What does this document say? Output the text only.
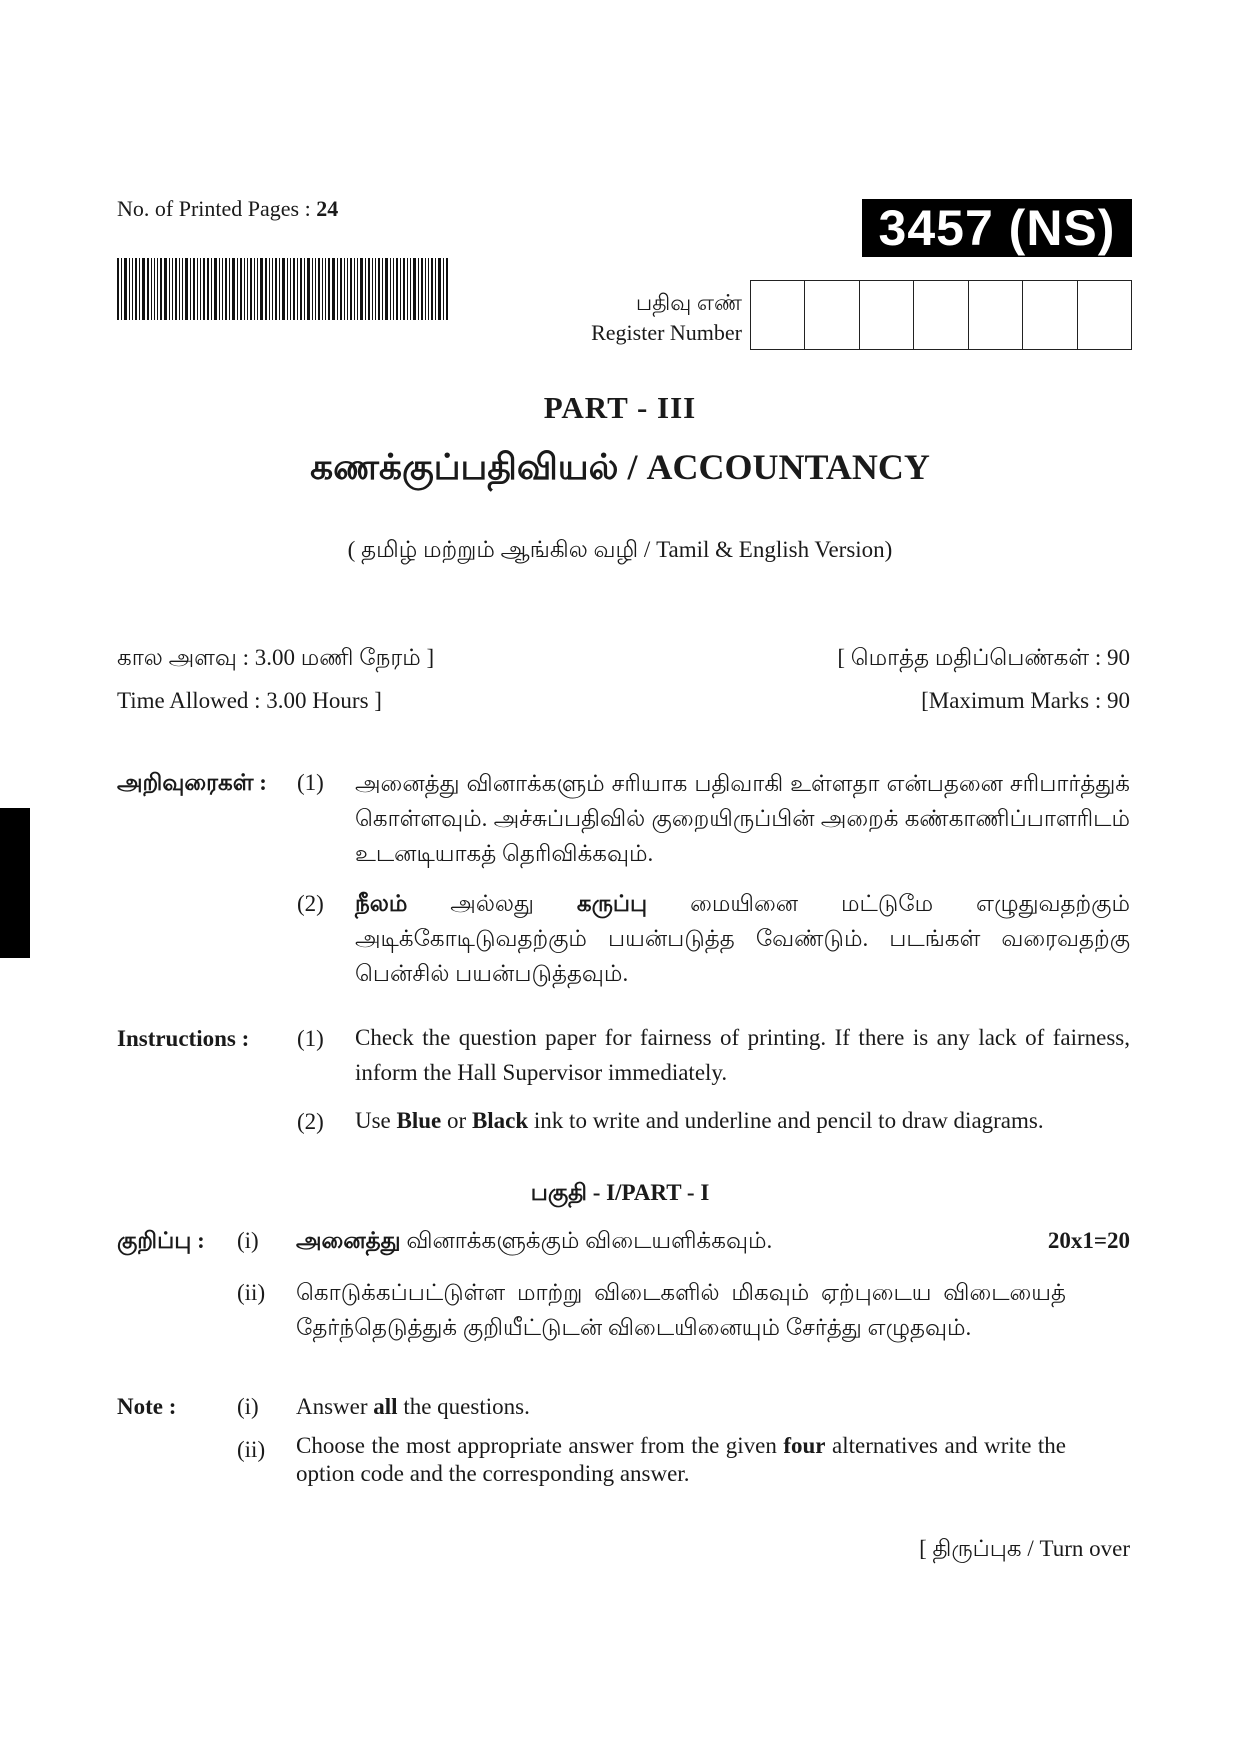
No. of Printed Pages : 24	3457 (NS)
பதிவு எண்
Register Number
PART - III
கணக்குப்பதிவியல் / ACCOUNTANCY
( தமிழ் மற்றும் ஆங்கில வழி / Tamil & English Version)
கால அளவு : 3.00 மணி நேரம் ]	[ மொத்த மதிப்பெண்கள் : 90
Time Allowed : 3.00 Hours ]	[Maximum Marks : 90
அறிவுரைகள் : (1) அனைத்து வினாக்களும் சரியாக பதிவாகி உள்ளதா என்பதனை சரிபார்த்துக் கொள்ளவும். அச்சுப்பதிவில் குறையிருப்பின் அறைக் கண்காணிப்பாளரிடம் உடனடியாகத் தெரிவிக்கவும்.
(2) நீலம் அல்லது கருப்பு மையினை மட்டுமே எழுதுவதற்கும் அடிக்கோடிடுவதற்கும் பயன்படுத்த வேண்டும். படங்கள் வரைவதற்கு பென்சில் பயன்படுத்தவும்.
Instructions : (1) Check the question paper for fairness of printing. If there is any lack of fairness, inform the Hall Supervisor immediately.
(2) Use Blue or Black ink to write and underline and pencil to draw diagrams.
பகுதி - I/PART - I
குறிப்பு : (i) அனைத்து வினாக்களுக்கும் விடையளிக்கவும்.	20x1=20
(ii) கொடுக்கப்பட்டுள்ள மாற்று விடைகளில் மிகவும் ஏற்புடைய விடையைத் தேர்ந்தெடுத்துக் குறியீட்டுடன் விடையினையும் சேர்த்து எழுதவும்.
Note :	(i) Answer all the questions.
(ii) Choose the most appropriate answer from the given four alternatives and write the option code and the corresponding answer.
[ திருப்புக / Turn over
